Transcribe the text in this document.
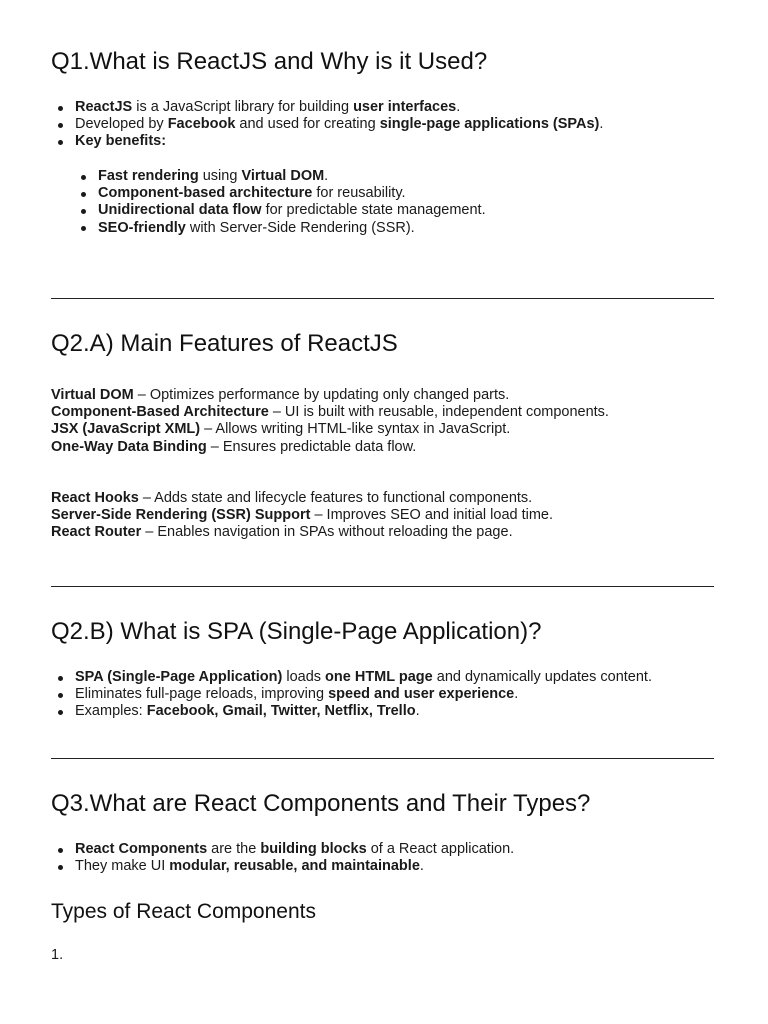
Q1.What is ReactJS and Why is it Used?
ReactJS is a JavaScript library for building user interfaces.
Developed by Facebook and used for creating single-page applications (SPAs).
Key benefits:
Fast rendering using Virtual DOM.
Component-based architecture for reusability.
Unidirectional data flow for predictable state management.
SEO-friendly with Server-Side Rendering (SSR).
Q2.A) Main Features of ReactJS
Virtual DOM – Optimizes performance by updating only changed parts.
Component-Based Architecture – UI is built with reusable, independent components.
JSX (JavaScript XML) – Allows writing HTML-like syntax in JavaScript.
One-Way Data Binding – Ensures predictable data flow.
React Hooks – Adds state and lifecycle features to functional components.
Server-Side Rendering (SSR) Support – Improves SEO and initial load time.
React Router – Enables navigation in SPAs without reloading the page.
Q2.B) What is SPA (Single-Page Application)?
SPA (Single-Page Application) loads one HTML page and dynamically updates content.
Eliminates full-page reloads, improving speed and user experience.
Examples: Facebook, Gmail, Twitter, Netflix, Trello.
Q3.What are React Components and Their Types?
React Components are the building blocks of a React application.
They make UI modular, reusable, and maintainable.
Types of React Components
1.
